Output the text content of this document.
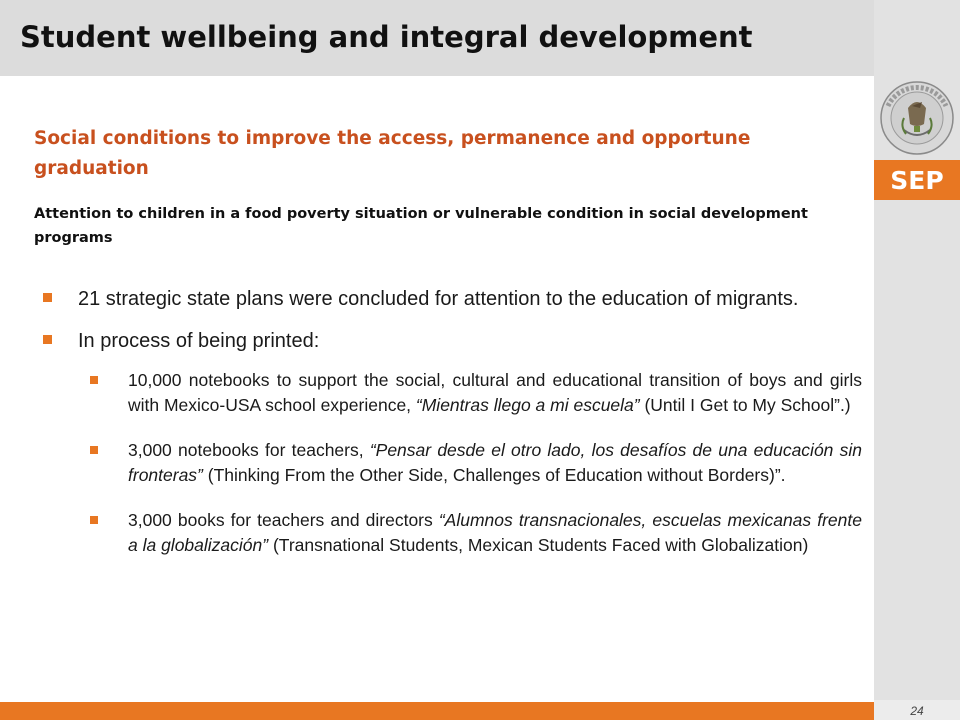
Student wellbeing and integral development
SEP
Social conditions to improve the access, permanence and opportune
graduation

Attention to children in a food poverty situation or vulnerable condition in social development programs

21 strategic state plans were concluded for attention to the education of migrants.
In process of being printed:
10,000 notebooks to support the social, cultural and educational transition of boys and girls with Mexico-USA school experience, “Mientras llego a mi escuela” (Until I Get to My School”.)
3,000 notebooks for teachers, “Pensar desde el otro lado, los desafíos de una educación sin fronteras” (Thinking From the Other Side, Challenges of Education without Borders)”.
3,000 books for teachers and directors “Alumnos transnacionales, escuelas mexicanas frente a la globalización” (Transnational Students, Mexican Students Faced with Globalization)
24
